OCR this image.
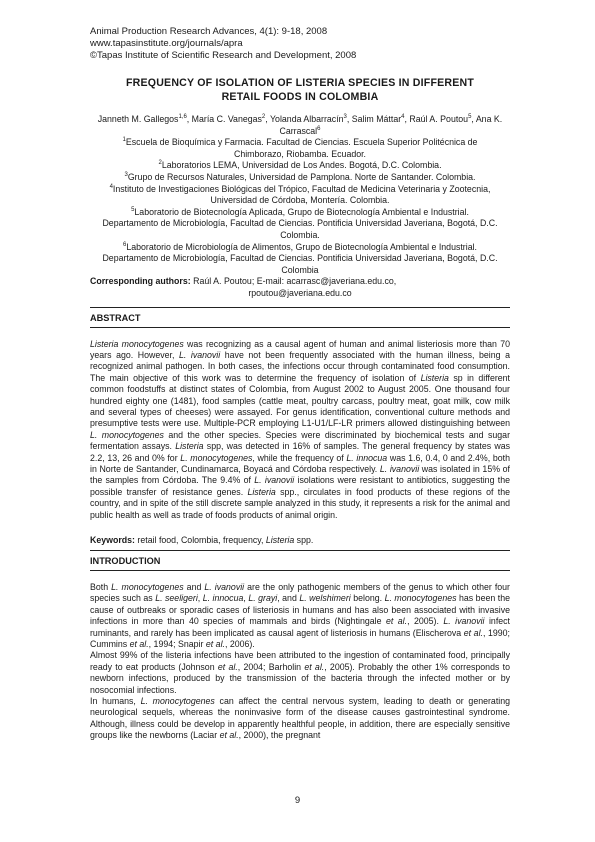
Animal Production Research Advances, 4(1): 9-18, 2008
www.tapasinstitute.org/journals/apra
©Tapas Institute of Scientific Research and Development, 2008
FREQUENCY OF ISOLATION OF LISTERIA SPECIES IN DIFFERENT
RETAIL FOODS IN COLOMBIA
Janneth M. Gallegos$^{1,6}$, María C. Vanegas$^2$, Yolanda Albarracín$^3$, Salim Máttar$^4$, Raúl A. Poutou$^5$, Ana K. Carrascal$^6$
$^1$Escuela de Bioquímica y Farmacia. Facultad de Ciencias. Escuela Superior Politécnica de
Chimborazo, Riobamba. Ecuador.
$^2$Laboratorios LEMA, Universidad de Los Andes. Bogotá, D.C. Colombia.
$^3$Grupo de Recursos Naturales, Universidad de Pamplona. Norte de Santander. Colombia.
$^4$Instituto de Investigaciones Biológicas del Trópico, Facultad de Medicina Veterinaria y Zootecnia,
Universidad de Córdoba, Montería. Colombia.
$^5$Laboratorio de Biotecnología Aplicada, Grupo de Biotecnología Ambiental e Industrial.
Departamento de Microbiología, Facultad de Ciencias. Pontificia Universidad Javeriana, Bogotá, D.C.
Colombia.
$^6$Laboratorio de Microbiología de Alimentos, Grupo de Biotecnología Ambiental e Industrial.
Departamento de Microbiología, Facultad de Ciencias. Pontificia Universidad Javeriana, Bogotá, D.C.
Colombia
Corresponding authors: Raúl A. Poutou; E-mail: acarrasc@javeriana.edu.co,
rpoutou@javeriana.edu.co
ABSTRACT

Listeria monocytogenes was recognizing as a causal agent of human and animal listeriosis more than 70 years ago. However, L. ivanovii have not been frequently associated with the human illness, being a recognized animal pathogen. In both cases, the infections occur through contaminated food consumption. The main objective of this work was to determine the frequency of isolation of Listeria sp in different common foodstuffs at distinct states of Colombia, from August 2002 to August 2005. One thousand four hundred eighty one (1481), food samples (cattle meat, poultry carcass, poultry meat, goat milk, cow milk and several types of cheeses) were assayed. For genus identification, conventional culture methods and presumptive tests were use. Multiple-PCR employing L1-U1/LF-LR primers allowed distinguishing between L. monocytogenes and the other species. Species were discriminated by biochemical tests and sugar fermentation assays. Listeria spp, was detected in 16% of samples. The general frequency by states was 2.2, 13, 26 and 0% for L. monocytogenes, while the frequency of L. innocua was 1.6, 0.4, 0 and 2.4%, both in Norte de Santander, Cundinamarca, Boyacá and Córdoba respectively. L. ivanovii was isolated in 15% of the samples from Córdoba. The 9.4% of L. ivanovii isolations were resistant to antibiotics, suggesting the possible transfer of resistance genes. Listeria spp., circulates in food products of these regions of the country, and in spite of the still discrete sample analyzed in this study, it represents a risk for the animal and public health as well as trade of foods products of animal origin.

Keywords: retail food, Colombia, frequency, Listeria spp.
INTRODUCTION

Both L. monocytogenes and L. ivanovii are the only pathogenic members of the genus to which other four species such as L. seeligeri, L. innocua, L. grayi, and L. welshimeri belong. L. monocytogenes has been the cause of outbreaks or sporadic cases of listeriosis in humans and has also been associated with invasive infections in more than 40 species of mammals and birds (Nightingale et al., 2005). L. ivanovii infect ruminants, and rarely has been implicated as causal agent of listeriosis in humans (Elischerova et al., 1990; Cummins et al., 1994; Snapir et al., 2006).

Almost 99% of the listeria infections have been attributed to the ingestion of contaminated food, principally ready to eat products (Johnson et al., 2004; Barholin et al., 2005). Probably the other 1% corresponds to newborn infections, produced by the transmission of the bacteria through the infected mother or by nosocomial infections.

In humans, L. monocytogenes can affect the central nervous system, leading to death or generating neurological sequels, whereas the noninvasive form of the disease causes gastrointestinal syndrome. Although, illness could be develop in apparently healthful people, in addition, there are especially sensitive groups like the newborns (Laciar et al., 2000), the pregnant

9
